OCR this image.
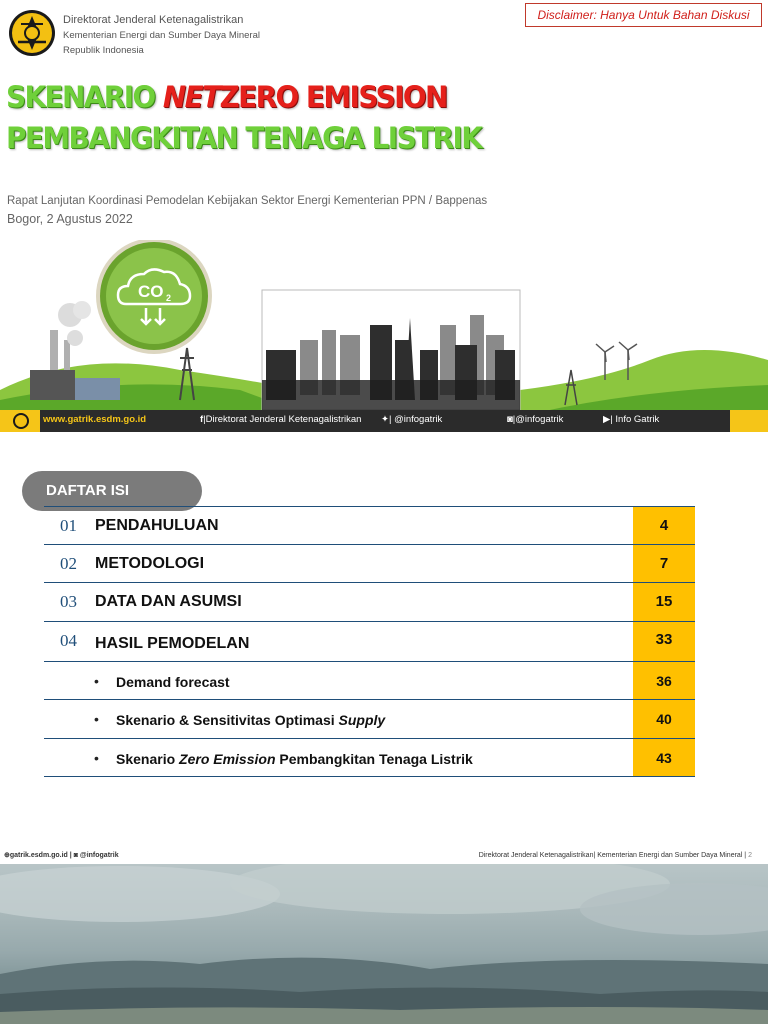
Direktorat Jenderal Ketenagalistrikan
Kementerian Energi dan Sumber Daya Mineral
Republik Indonesia
Disclaimer: Hanya Untuk Bahan Diskusi
SKENARIO NETZERO EMISSION
PEMBANGKITAN TENAGA LISTRIK
Rapat Lanjutan Koordinasi Pemodelan Kebijakan Sektor Energi Kementerian PPN / Bappenas
Bogor, 2 Agustus 2022
CO 2
www.gatrik.esdm.go.id	f|Direktorat Jenderal Ketenagalistrikan ✦| @infogatrik	◙|@infogatrik	▶| Info Gatrik
DAFTAR ISI
01 PENDAHULUAN	4
02 METODOLOGI	7
03 DATA DAN ASUMSI	15
04 HASIL PEMODELAN	33
• Demand forecast	36
• Skenario & Sensitivitas Optimasi Supply	40
• Skenario Zero Emission Pembangkitan Tenaga Listrik	43
⊕gatrik.esdm.go.id | ◙ @infogatrik	Direktorat Jenderal Ketenagalistrikan| Kementerian Energi dan Sumber Daya Mineral | 2
